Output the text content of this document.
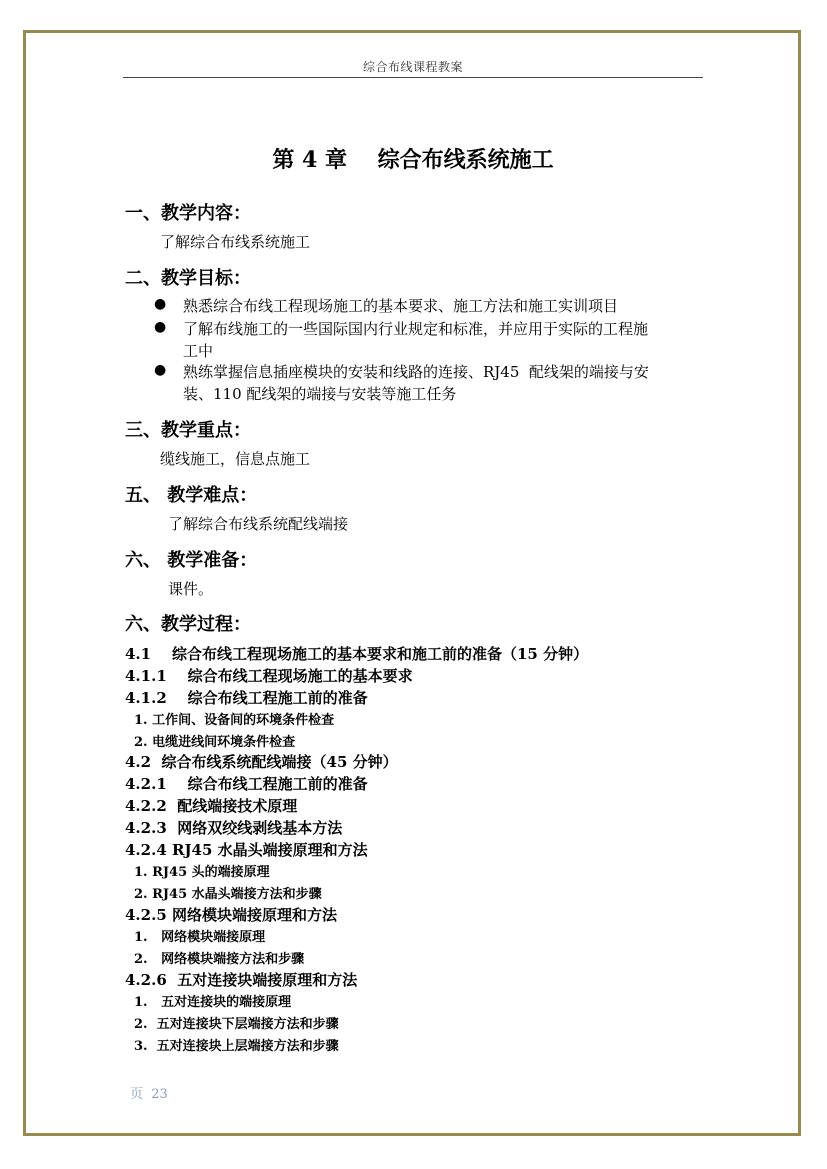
综合布线课程教案
第 4 章    综合布线系统施工
一、教学内容：
了解综合布线系统施工
二、教学目标：
● 熟悉综合布线工程现场施工的基本要求、施工方法和施工实训项目
● 了解布线施工的一些国际国内行业规定和标准，并应用于实际的工程施
工中
● 熟练掌握信息插座模块的安装和线路的连接、RJ45  配线架的端接与安
装、110 配线架的端接与安装等施工任务
三、教学重点：
缆线施工，信息点施工
五、 教学难点：
了解综合布线系统配线端接
六、 教学准备：
课件。
六、教学过程：
4.1    综合布线工程现场施工的基本要求和施工前的准备（15 分钟）
4.1.1    综合布线工程现场施工的基本要求
4.1.2    综合布线工程施工前的准备
1. 工作间、设备间的环境条件检查
2. 电缆进线间环境条件检查
4.2  综合布线系统配线端接（45 分钟）
4.2.1    综合布线工程施工前的准备
4.2.2  配线端接技术原理
4.2.3  网络双绞线剥线基本方法
4.2.4 RJ45 水晶头端接原理和方法
1. RJ45 头的端接原理
2. RJ45 水晶头端接方法和步骤
4.2.5 网络模块端接原理和方法
1.   网络模块端接原理
2.   网络模块端接方法和步骤
4.2.6  五对连接块端接原理和方法
1.   五对连接块的端接原理
2.  五对连接块下层端接方法和步骤
3.  五对连接块上层端接方法和步骤
页  23
